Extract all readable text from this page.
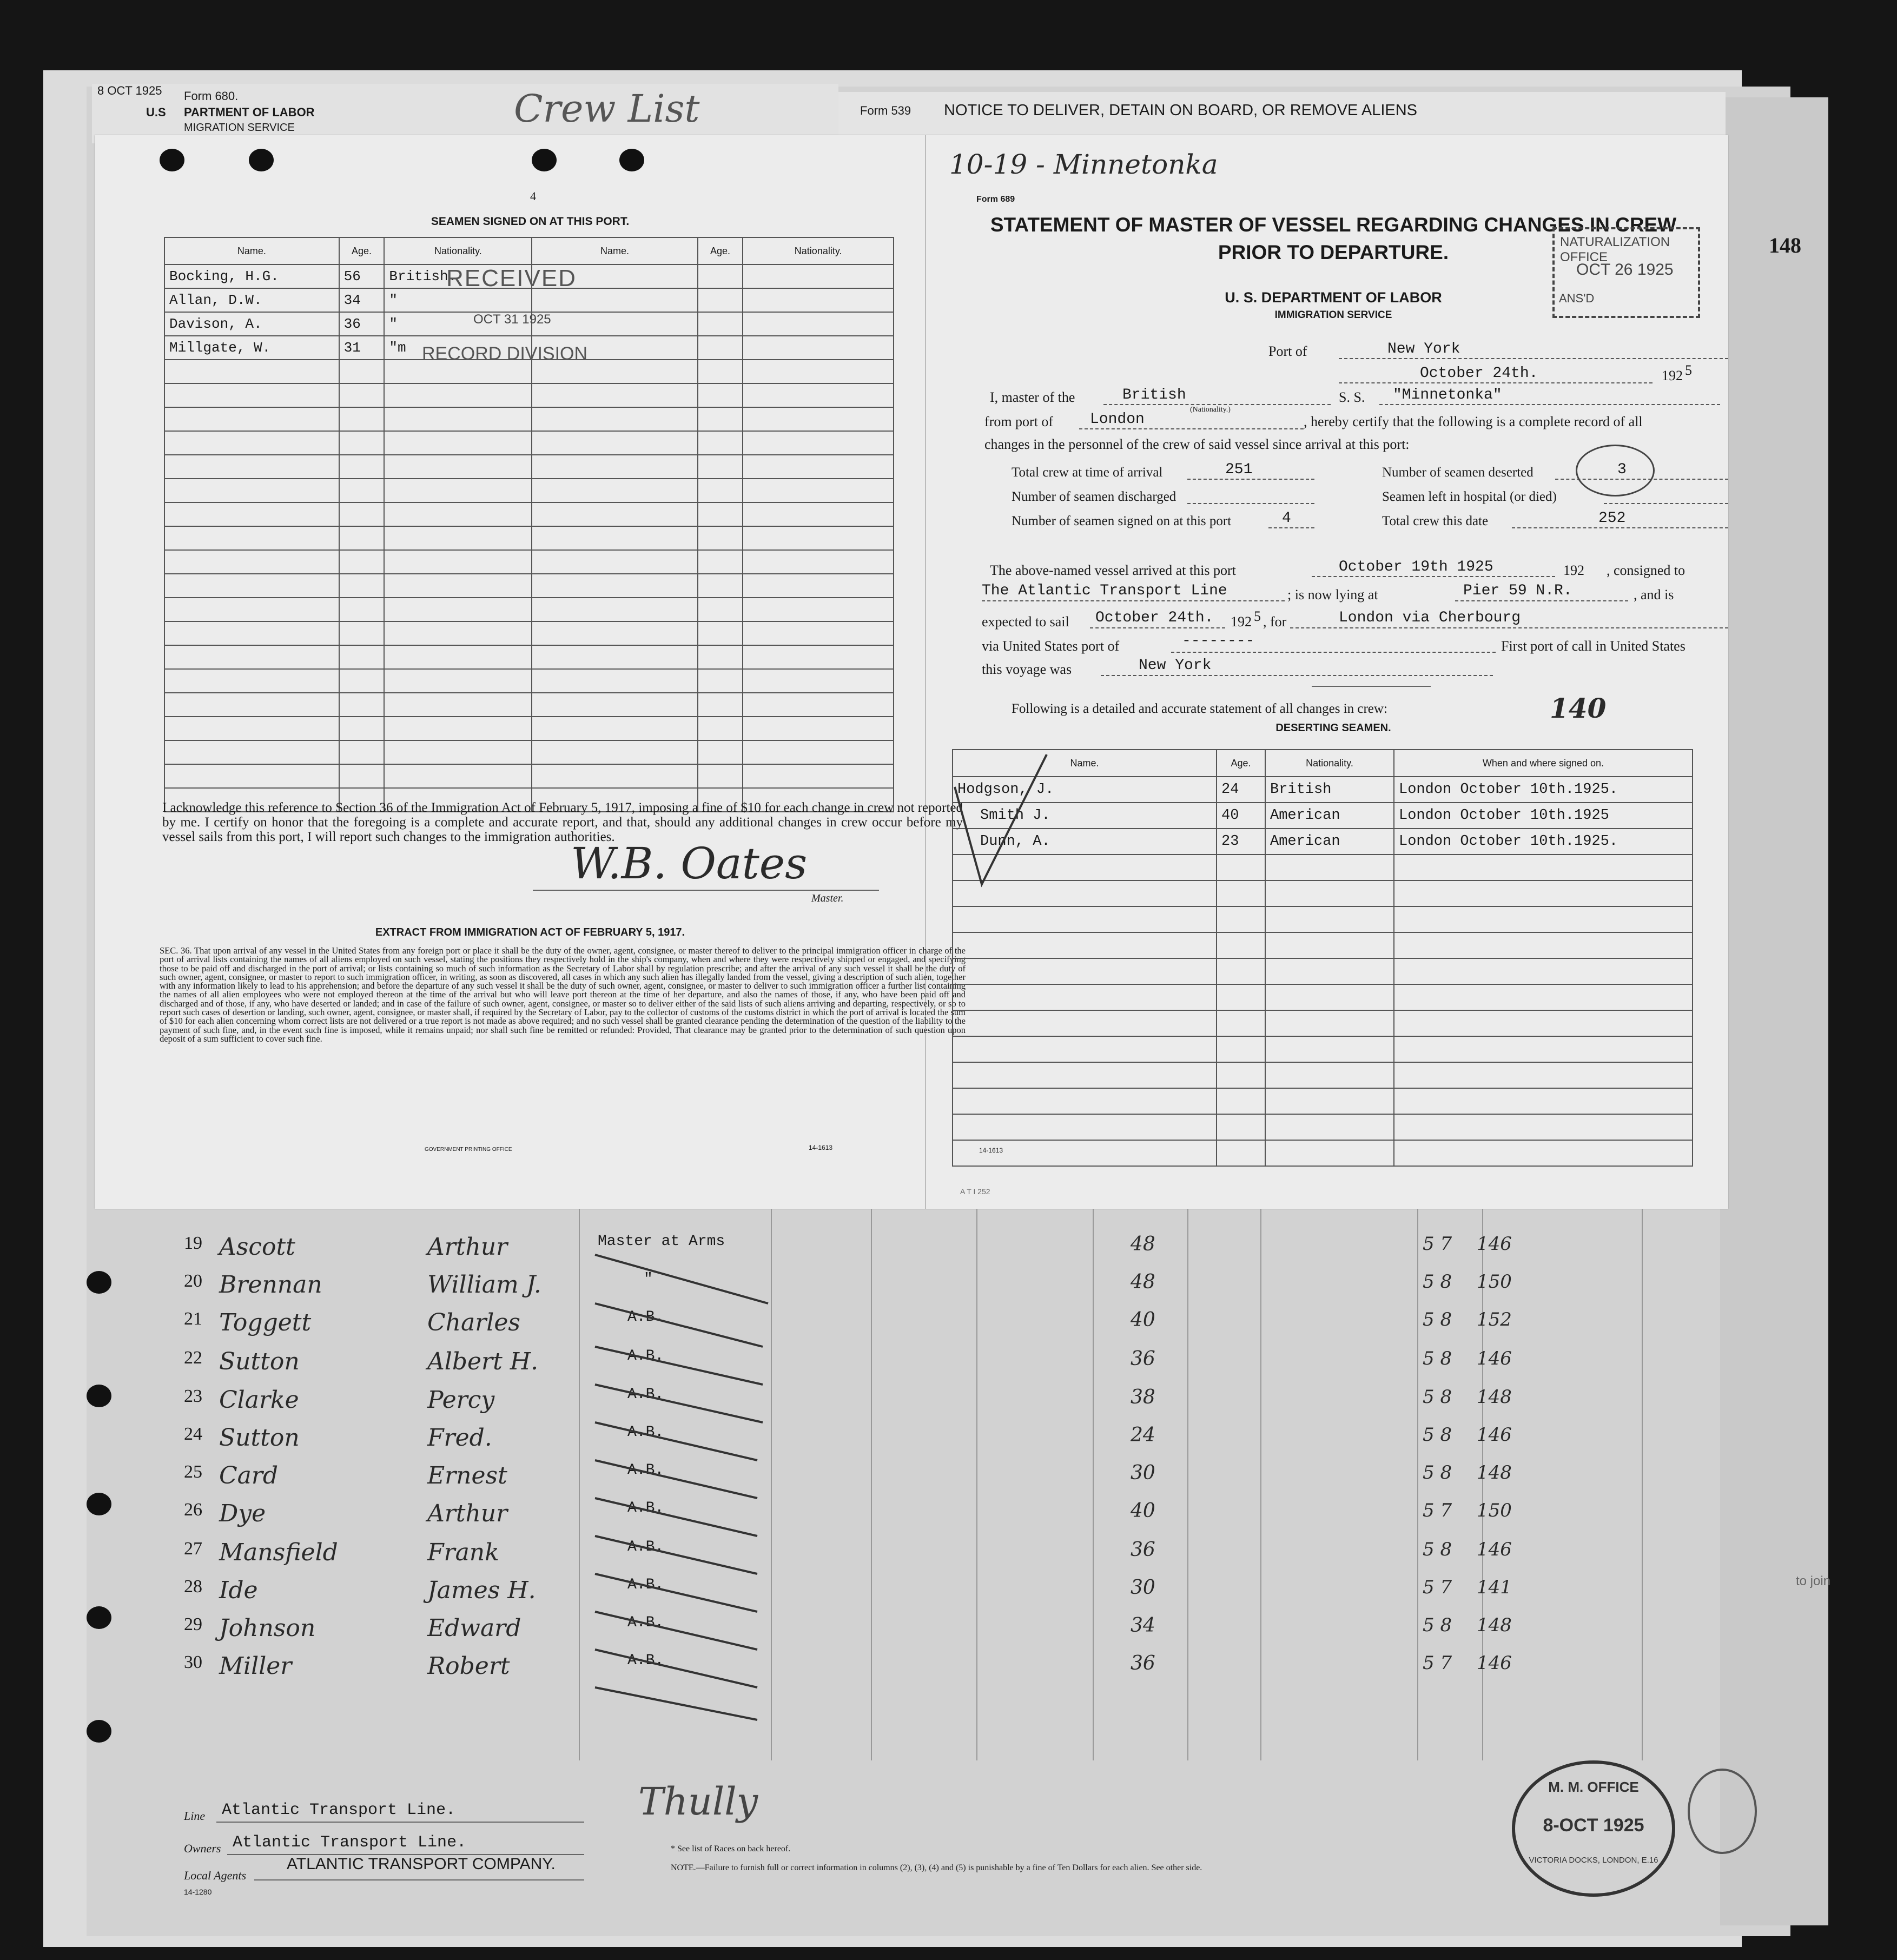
8 OCT 1925 Form 680.
U.S PARTMENT OF LABOR
MIGRATION SERVICE	Crew List	Form 539 NOTICE TO DELIVER, DETAIN ON BOARD, OR REMOVE ALIENS
148
4
SEAMEN SIGNED ON AT THIS PORT.
Name.	Age.	Nationality.	Name.	Age.	Nationality.
Bocking, H.G.	56	British.			
Allan, D.W.	34	"			
Davison, A.	36	"			
Millgate, W.	31	"m			

RECEIVED
OCT 31 1925
RECORD DIVISION
I acknowledge this reference to Section 36 of the Immigration Act of February 5, 1917, imposing a fine of $10 for each change in crew not reported by me. I certify on honor that the foregoing is a complete and accurate report, and that, should any additional changes in crew occur before my vessel sails from this port, I will report such changes to the immigration authorities.
W.B. Oates
Master.
EXTRACT FROM IMMIGRATION ACT OF FEBRUARY 5, 1917.
SEC. 36. That upon arrival of any vessel in the United States from any foreign port or place it shall be the duty of the owner, agent, consignee, or master thereof to deliver to the principal immigration officer in charge of the port of arrival lists containing the names of all aliens employed on such vessel, stating the positions they respectively hold in the ship's company, when and where they were respectively shipped or engaged, and specifying those to be paid off and discharged in the port of arrival; or lists containing so much of such information as the Secretary of Labor shall by regulation prescribe; and after the arrival of any such vessel it shall be the duty of such owner, agent, consignee, or master to report to such immigration officer, in writing, as soon as discovered, all cases in which any such alien has illegally landed from the vessel, giving a description of such alien, together with any information likely to lead to his apprehension; and before the departure of any such vessel it shall be the duty of such owner, agent, consignee, or master to deliver to such immigration officer a further list containing the names of all alien employees who were not employed thereon at the time of the arrival but who will leave port thereon at the time of her departure, and also the names of those, if any, who have been paid off and discharged and of those, if any, who have deserted or landed; and in case of the failure of such owner, agent, consignee, or master so to deliver either of the said lists of such aliens arriving and departing, respectively, or so to report such cases of desertion or landing, such owner, agent, consignee, or master shall, if required by the Secretary of Labor, pay to the collector of customs of the customs district in which the port of arrival is located the sum of $10 for each alien concerning whom correct lists are not delivered or a true report is not made as above required; and no such vessel shall be granted clearance pending the determination of the question of the liability to the payment of such fine, and, in the event such fine is imposed, while it remains unpaid; nor shall such fine be remitted or refunded: Provided, That clearance may be granted prior to the determination of such question upon deposit of a sum sufficient to cover such fine.
GOVERNMENT PRINTING OFFICE	14-1613
10-19 - Minnetonka
Form 689
STATEMENT OF MASTER OF VESSEL REGARDING CHANGES IN CREW
PRIOR TO DEPARTURE.
U. S. DEPARTMENT OF LABOR
IMMIGRATION SERVICE
Port of	New York
October 24th.	192 5
I, master of the	British
(Nationality.)
S. S. "Minnetonka"
from port of London	, hereby certify that the following is a complete record of all
changes in the personnel of the crew of said vessel since arrival at this port:
Total crew at time of arrival	251	Number of seamen deserted	3
Number of seamen discharged	Seamen left in hospital (or died)
Number of seamen signed on at this port	4	Total crew this date	252
The above-named vessel arrived at this port	October 19th 1925	192 , consigned to
The Atlantic Transport Line	; is now lying at	Pier 59 N.R.	, and is
expected to sail October 24th. 192 5 , for	London via Cherbourg
via United States port of	--------	First port of call in United States
this voyage was	New York
Following is a detailed and accurate statement of all changes in crew:	140
DESERTING SEAMEN.
Name.	Age.	Nationality.	When and where signed on.
Hodgson, J.	24	British	London October 10th.1925.
Smith J.	40	American	London October 10th.1925
Dunn, A.	23	American	London October 10th.1925.

14-1613
A T I 252
NATURALIZATION OFFICE
OCT 26 1925
ANS'D
19 Ascott	Arthur	Master at Arms	48	5 7 146
20 Brennan	William J.	"	48	5 8 150
21 Toggett	Charles	A.B.	40	5 8 152
22 Sutton	Albert H.	A.B.	36	5 8 146
23 Clarke	Percy	A.B.	38	5 8 148
24 Sutton	Fred.	A.B.	24	5 8 146
25 Card	Ernest	A.B.	30	5 8 148
26 Dye	Arthur	A.B.	40	5 7 150
27 Mansfield	Frank	A.B.	36	5 8 146
28 Ide	James H.	A.B.	30	5 7 141
29 Johnson	Edward	A.B.	34	5 8 148
30 Miller	Robert	A.B.	36	5 7 146
to join
Line Atlantic Transport Line.
Owners Atlantic Transport Line.
Local Agents
ATLANTIC TRANSPORT COMPANY.
14-1280
Thully
* See list of Races on back hereof.
NOTE.—Failure to furnish full or correct information in columns (2), (3), (4) and (5) is punishable by a fine of Ten Dollars for each alien. See other side.
M. M. OFFICE
8-OCT 1925
VICTORIA DOCKS, LONDON, E.16
